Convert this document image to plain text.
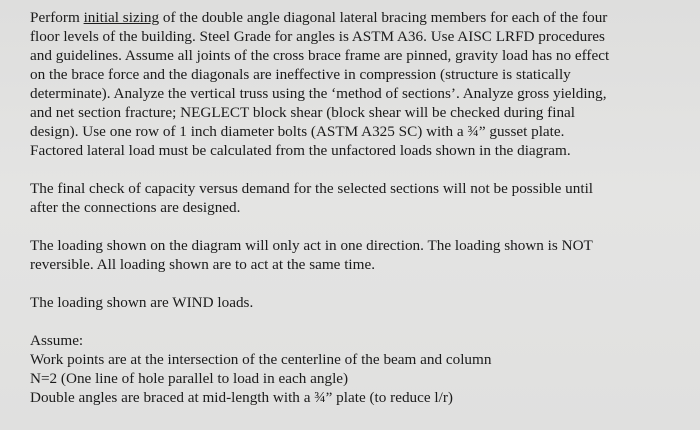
Perform initial sizing of the double angle diagonal lateral bracing members for each of the four
floor levels of the building. Steel Grade for angles is ASTM A36. Use AISC LRFD procedures
and guidelines. Assume all joints of the cross brace frame are pinned, gravity load has no effect
on the brace force and the diagonals are ineffective in compression (structure is statically
determinate). Analyze the vertical truss using the ‘method of sections’. Analyze gross yielding,
and net section fracture; NEGLECT block shear (block shear will be checked during final
design). Use one row of 1 inch diameter bolts (ASTM A325 SC) with a ¾” gusset plate.
Factored lateral load must be calculated from the unfactored loads shown in the diagram.

The final check of capacity versus demand for the selected sections will not be possible until
after the connections are designed.

The loading shown on the diagram will only act in one direction. The loading shown is NOT
reversible. All loading shown are to act at the same time.

The loading shown are WIND loads.

Assume:
Work points are at the intersection of the centerline of the beam and column
N=2 (One line of hole parallel to load in each angle)
Double angles are braced at mid-length with a ¾” plate (to reduce l/r)
